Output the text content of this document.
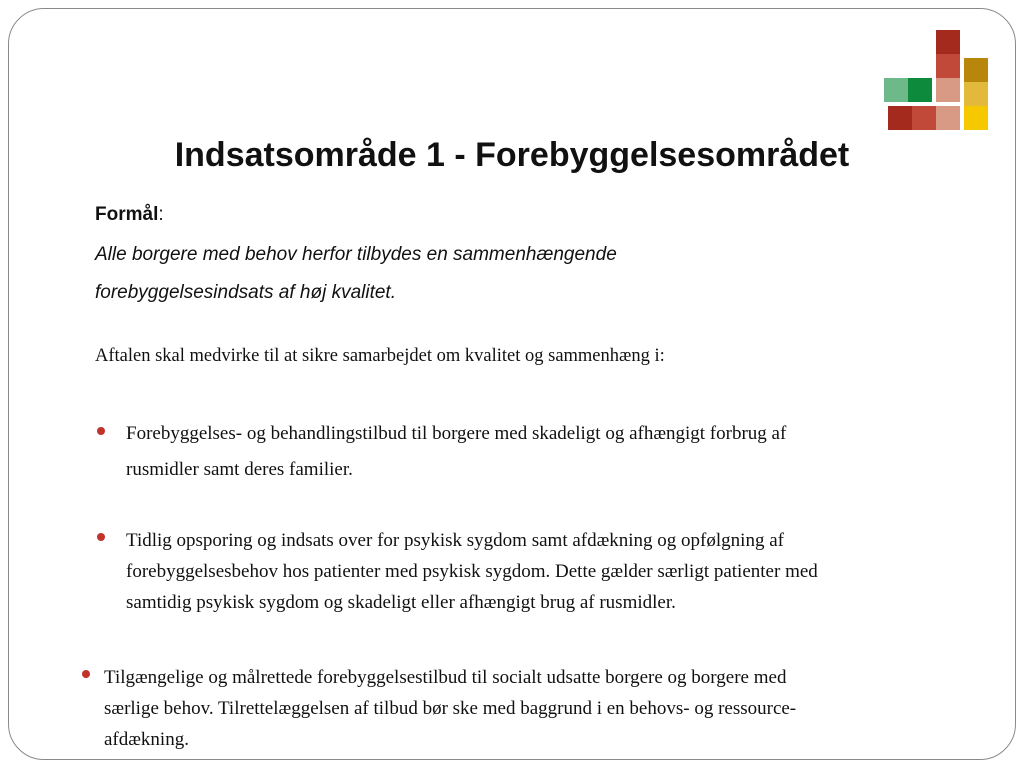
Indsatsområde 1 - Forebyggelsesområdet
Formål:
Alle borgere med behov herfor tilbydes en sammenhængende
forebyggelsesindsats af høj kvalitet.
Aftalen skal medvirke til at sikre samarbejdet om kvalitet og sammenhæng i:
Forebyggelses- og behandlingstilbud til borgere med skadeligt og afhængigt forbrug af
rusmidler samt deres familier.
Tidlig opsporing og indsats over for psykisk sygdom samt afdækning og opfølgning af
forebyggelsesbehov hos patienter med psykisk sygdom. Dette gælder særligt patienter med
samtidig psykisk sygdom og skadeligt eller afhængigt brug af rusmidler.
Tilgængelige og målrettede forebyggelsestilbud til socialt udsatte borgere og borgere med
særlige behov. Tilrettelæggelsen af tilbud bør ske med baggrund i en behovs- og ressource-
afdækning.
